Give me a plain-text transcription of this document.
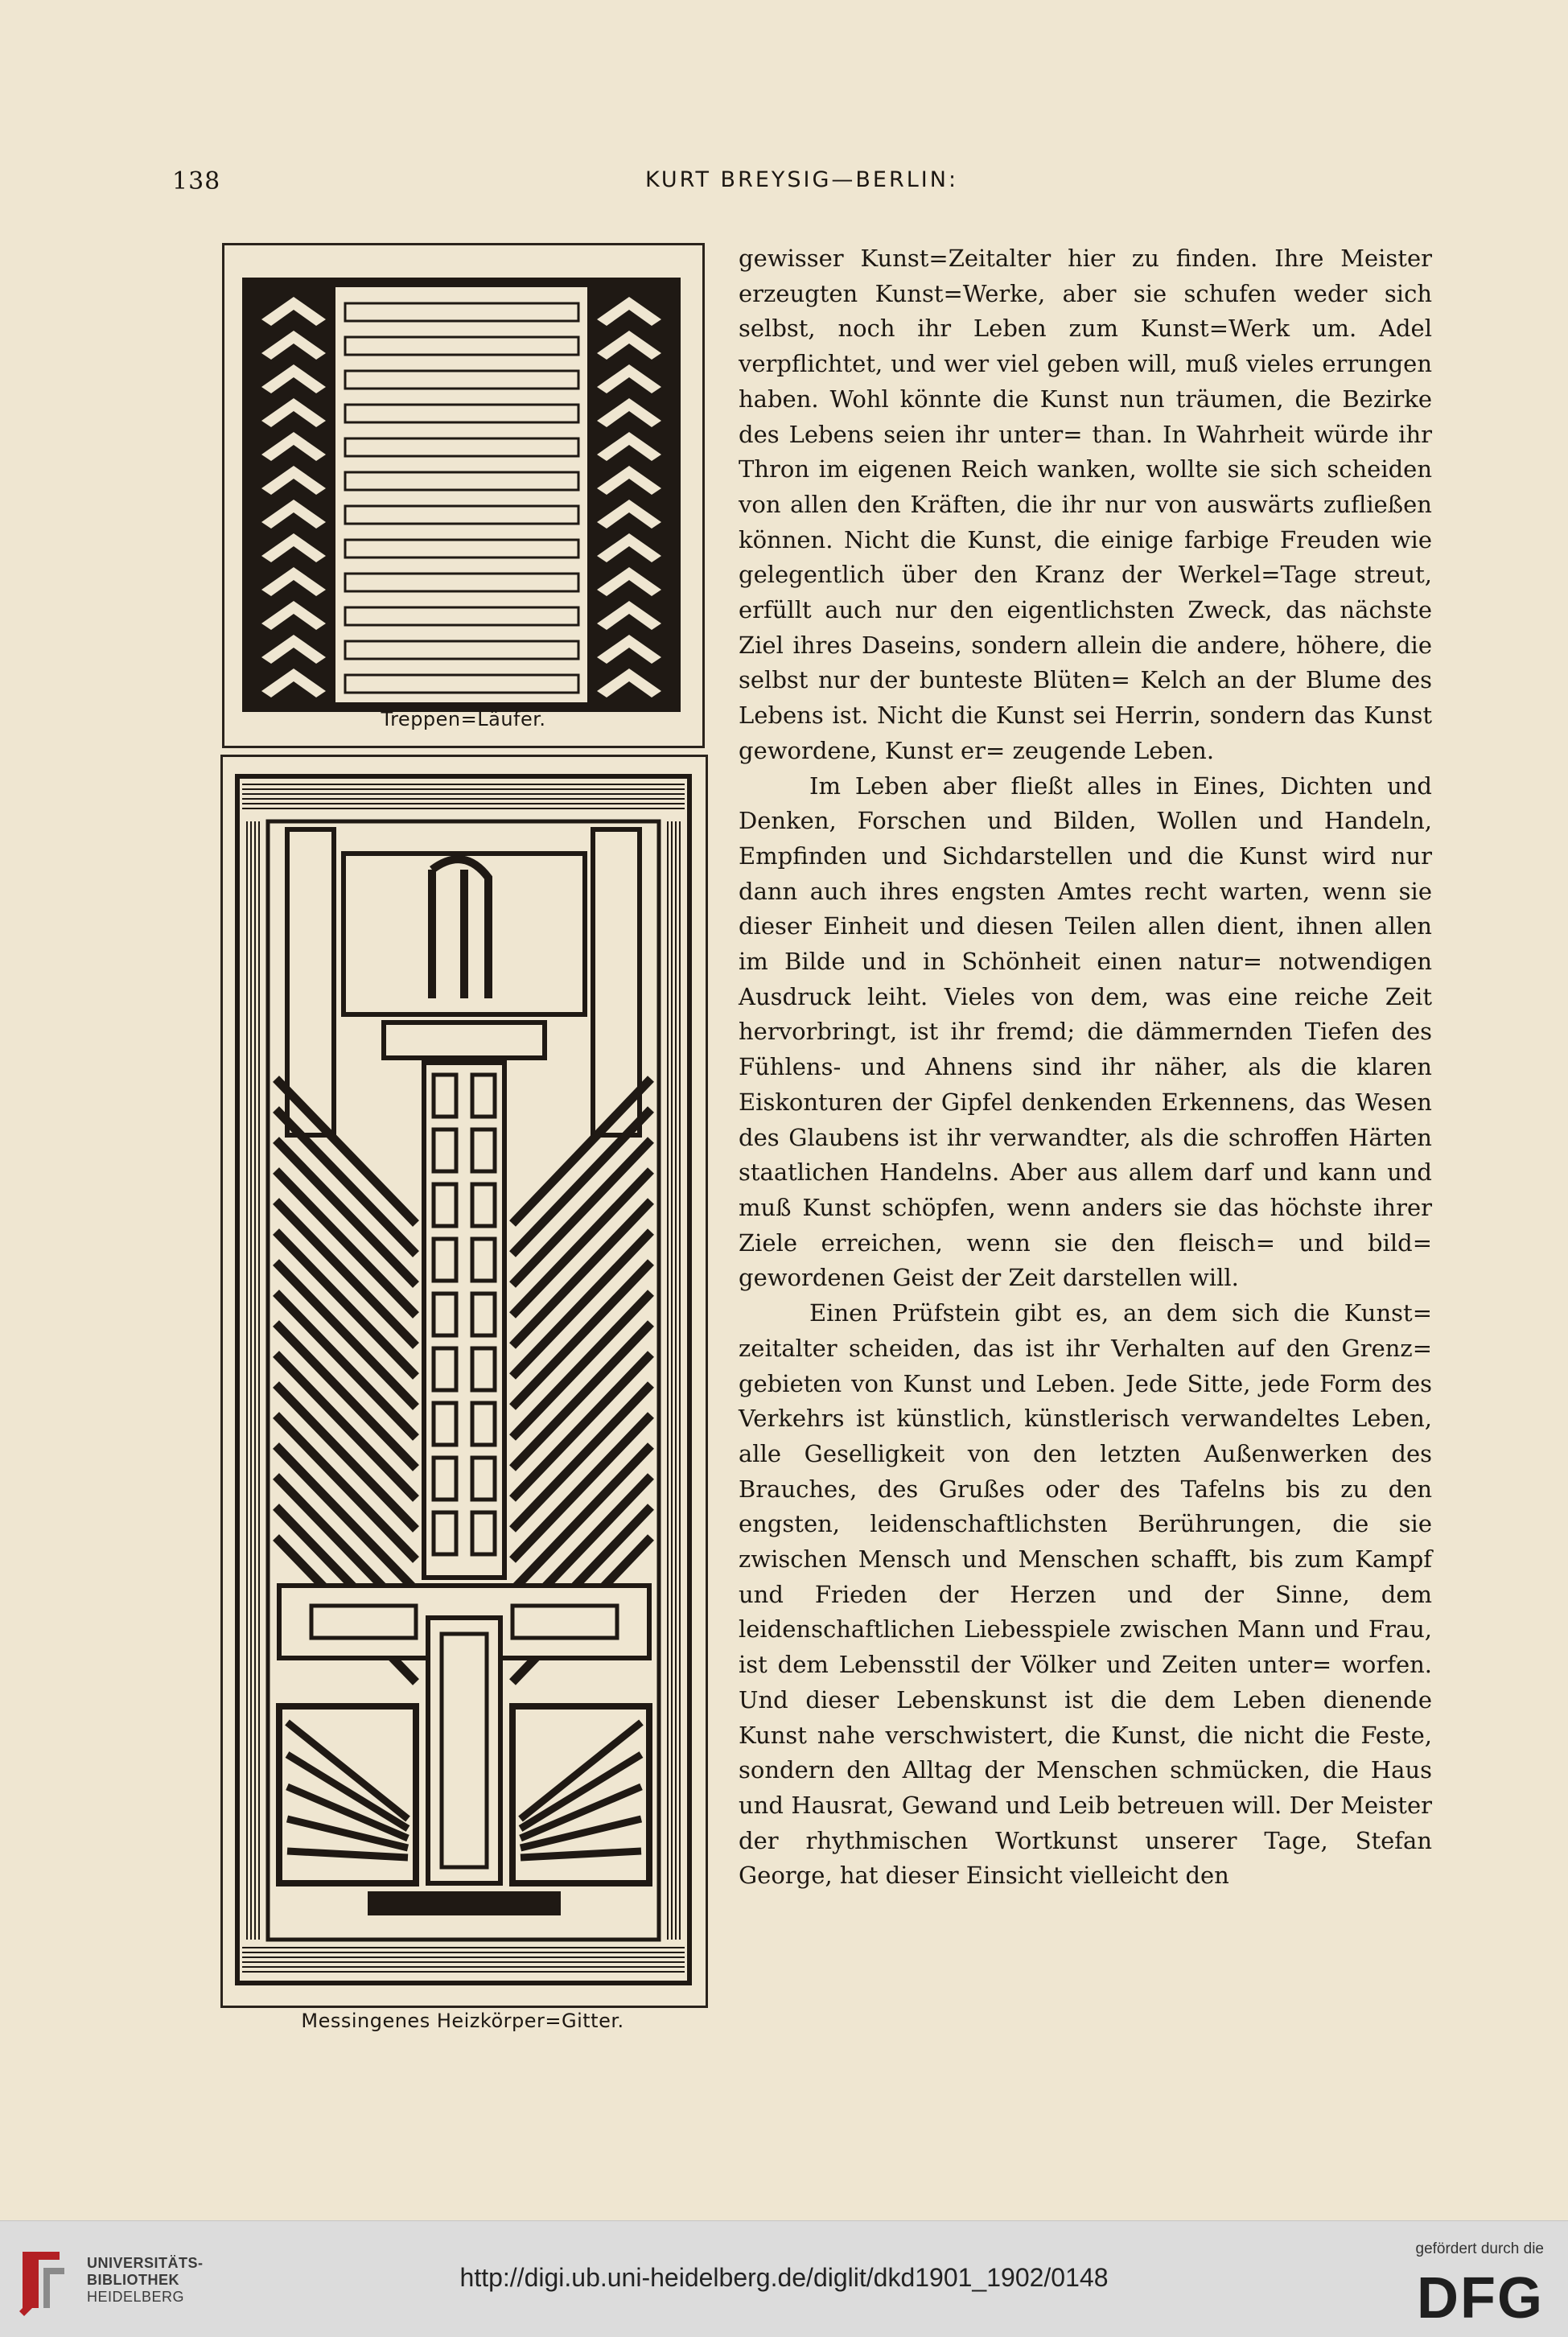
138	KURT BREYSIG—BERLIN:
Treppen=Läufer.
Messingenes Heizkörper=Gitter.

gewisser Kunst=Zeitalter hier zu finden. Ihre Meister erzeugten Kunst=Werke, aber sie schufen weder sich selbst, noch ihr Leben zum Kunst=Werk um. Adel verpflichtet, und wer viel geben will, muß vieles errungen haben. Wohl könnte die Kunst nun träumen, die Bezirke des Lebens seien ihr unter= than. In Wahrheit würde ihr Thron im eigenen Reich wanken, wollte sie sich scheiden von allen den Kräften, die ihr nur von auswärts zufließen können. Nicht die Kunst, die einige farbige Freuden wie gelegentlich über den Kranz der Werkel=Tage streut, erfüllt auch nur den eigentlichsten Zweck, das nächste Ziel ihres Daseins, sondern allein die andere, höhere, die selbst nur der bunteste Blüten= Kelch an der Blume des Lebens ist. Nicht die Kunst sei Herrin, sondern das Kunst gewordene, Kunst er= zeugende Leben.

Im Leben aber fließt alles in Eines, Dichten und Denken, Forschen und Bilden, Wollen und Handeln, Empfinden und Sichdarstellen und die Kunst wird nur dann auch ihres engsten Amtes recht warten, wenn sie dieser Einheit und diesen Teilen allen dient, ihnen allen im Bilde und in Schönheit einen natur= notwendigen Ausdruck leiht. Vieles von dem, was eine reiche Zeit hervorbringt, ist ihr fremd; die dämmernden Tiefen des Fühlens- und Ahnens sind ihr näher, als die klaren Eiskonturen der Gipfel denkenden Erkennens, das Wesen des Glaubens ist ihr verwandter, als die schroffen Härten staatlichen Handelns. Aber aus allem darf und kann und muß Kunst schöpfen, wenn anders sie das höchste ihrer Ziele erreichen, wenn sie den fleisch= und bild= gewordenen Geist der Zeit darstellen will.

Einen Prüfstein gibt es, an dem sich die Kunst= zeitalter scheiden, das ist ihr Verhalten auf den Grenz= gebieten von Kunst und Leben. Jede Sitte, jede Form des Verkehrs ist künstlich, künstlerisch verwandeltes Leben, alle Geselligkeit von den letzten Außenwerken des Brauches, des Grußes oder des Tafelns bis zu den engsten, leidenschaftlichsten Berührungen, die sie zwischen Mensch und Menschen schafft, bis zum Kampf und Frieden der Herzen und der Sinne, dem leidenschaftlichen Liebesspiele zwischen Mann und Frau, ist dem Lebensstil der Völker und Zeiten unter= worfen. Und dieser Lebenskunst ist die dem Leben dienende Kunst nahe verschwistert, die Kunst, die nicht die Feste, sondern den Alltag der Menschen schmücken, die Haus und Hausrat, Gewand und Leib betreuen will. Der Meister der rhythmischen Wortkunst unserer Tage, Stefan George, hat dieser Einsicht vielleicht den

UNIVERSITÄTS-
BIBLIOTHEK
HEIDELBERG
http://digi.ub.uni-heidelberg.de/diglit/dkd1901_1902/0148
gefördert durch die
DFG
